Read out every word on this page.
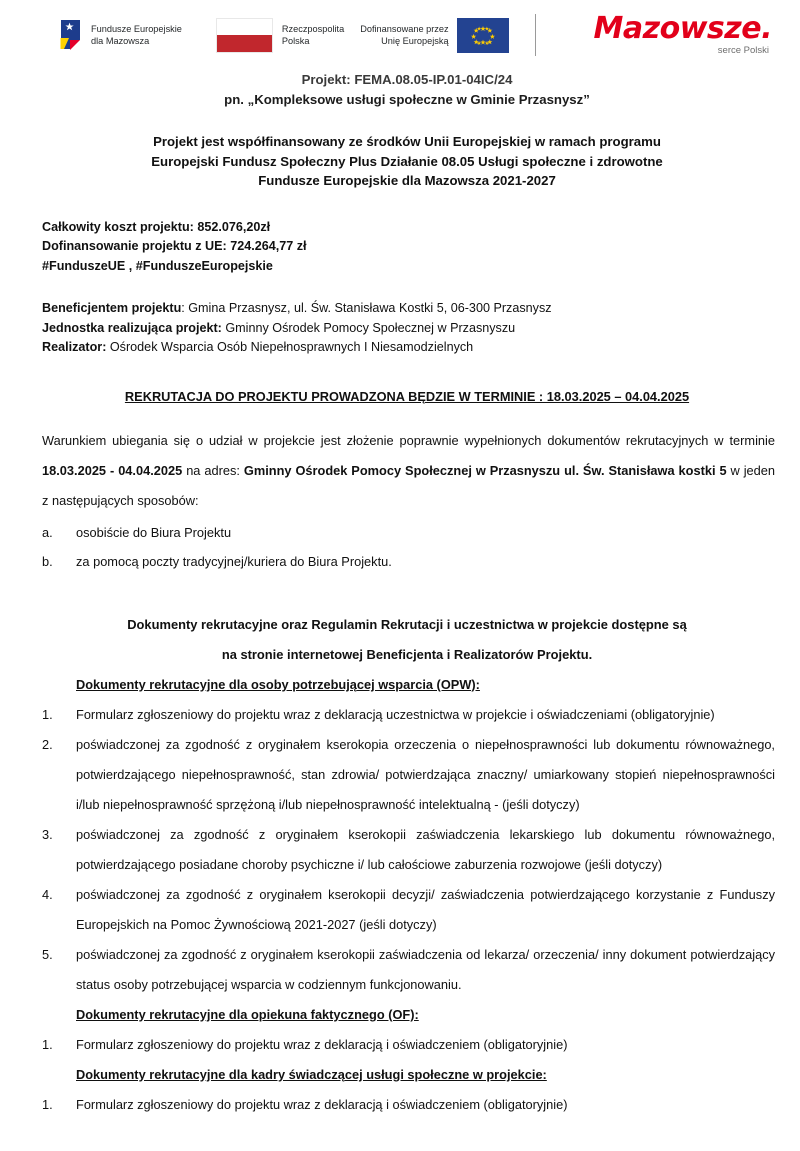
Fundusze Europejskie
dla Mazowsza
Rzeczpospolita
Polska
Dofinansowane przez
Unię Europejską	Mazowsze.
serce Polski
Projekt: FEMA.08.05-IP.01-04IC/24
pn. „Kompleksowe usługi społeczne w Gminie Przasnysz”
Projekt jest współfinansowany ze środków Unii Europejskiej w ramach programu
Europejski Fundusz Społeczny Plus Działanie 08.05 Usługi społeczne i zdrowotne
Fundusze Europejskie dla Mazowsza 2021-2027
Całkowity koszt projektu: 852.076,20zł
Dofinansowanie projektu z UE: 724.264,77 zł
#FunduszeUE , #FunduszeEuropejskie
Beneficjentem projektu: Gmina Przasnysz, ul. Św. Stanisława Kostki 5, 06-300 Przasnysz
Jednostka realizująca projekt: Gminny Ośrodek Pomocy Społecznej w Przasnyszu
Realizator: Ośrodek Wsparcia Osób Niepełnosprawnych I Niesamodzielnych
REKRUTACJA DO PROJEKTU PROWADZONA BĘDZIE W TERMINIE : 18.03.2025 – 04.04.2025
Warunkiem ubiegania się o udział w projekcie jest złożenie poprawnie wypełnionych dokumentów rekrutacyjnych w terminie 18.03.2025 - 04.04.2025 na adres: Gminny Ośrodek Pomocy Społecznej w Przasnyszu ul. Św. Stanisława kostki 5 w jeden z następujących sposobów:
osobiście do Biura Projektu
za pomocą poczty tradycyjnej/kuriera do Biura Projektu.
Dokumenty rekrutacyjne oraz Regulamin Rekrutacji i uczestnictwa w projekcie dostępne są
na stronie internetowej Beneficjenta i Realizatorów Projektu.
Dokumenty rekrutacyjne dla osoby potrzebującej wsparcia (OPW):
Formularz zgłoszeniowy do projektu wraz z deklaracją uczestnictwa w projekcie i oświadczeniami (obligatoryjnie)
poświadczonej za zgodność z oryginałem kserokopia orzeczenia o niepełnosprawności lub dokumentu równoważnego, potwierdzającego niepełnosprawność, stan zdrowia/ potwierdzająca znaczny/ umiarkowany stopień niepełnosprawności i/lub niepełnosprawność sprzężoną i/lub niepełnosprawność intelektualną - (jeśli dotyczy)
poświadczonej za zgodność z oryginałem kserokopii zaświadczenia lekarskiego lub dokumentu równoważnego, potwierdzającego posiadane choroby psychiczne i/ lub całościowe zaburzenia rozwojowe (jeśli dotyczy)
poświadczonej za zgodność z oryginałem kserokopii decyzji/ zaświadczenia potwierdzającego korzystanie z Funduszy Europejskich na Pomoc Żywnościową 2021-2027 (jeśli dotyczy)
poświadczonej za zgodność z oryginałem kserokopii zaświadczenia od lekarza/ orzeczenia/ inny dokument potwierdzający status osoby potrzebującej wsparcia w codziennym funkcjonowaniu.
Dokumenty rekrutacyjne dla opiekuna faktycznego (OF):
Formularz zgłoszeniowy do projektu wraz z deklaracją i oświadczeniem (obligatoryjnie)
Dokumenty rekrutacyjne dla kadry świadczącej usługi społeczne w projekcie:
Formularz zgłoszeniowy do projektu wraz z deklaracją i oświadczeniem (obligatoryjnie)
